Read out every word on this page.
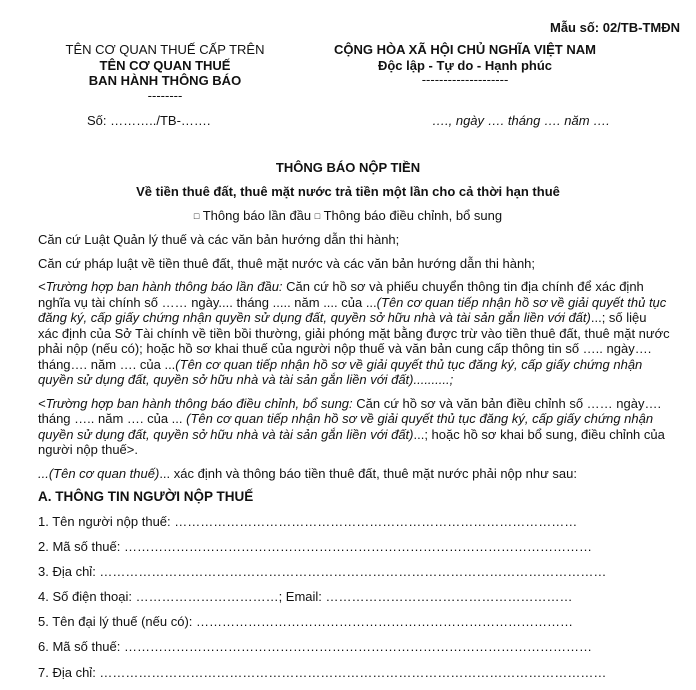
Mẫu số: 02/TB-TMĐN
TÊN CƠ QUAN THUẾ CẤP TRÊN
TÊN CƠ QUAN THUẾ
BAN HÀNH THÔNG BÁO
--------
CỘNG HÒA XÃ HỘI CHỦ NGHĨA VIỆT NAM
Độc lập - Tự do - Hạnh phúc
--------------------
Số: ………../TB-…….	…., ngày …. tháng …. năm ….
THÔNG BÁO NỘP TIỀN
Về tiền thuê đất, thuê mặt nước trả tiền một lần cho cả thời hạn thuê
□ Thông báo lần đầu □ Thông báo điều chỉnh, bổ sung

Căn cứ Luật Quản lý thuế và các văn bản hướng dẫn thi hành;

Căn cứ pháp luật về tiền thuê đất, thuê mặt nước và các văn bản hướng dẫn thi hành;

<Trường hợp ban hành thông báo lần đầu: Căn cứ hồ sơ và phiếu chuyển thông tin địa chính để xác định nghĩa vụ tài chính số …… ngày.... tháng ..... năm .... của ...(Tên cơ quan tiếp nhận hồ sơ về giải quyết thủ tục đăng ký, cấp giấy chứng nhận quyền sử dụng đất, quyền sở hữu nhà và tài sản gắn liền với đất)...; số liệu xác định của Sở Tài chính về tiền bồi thường, giải phóng mặt bằng được trừ vào tiền thuê đất, thuê mặt nước phải nộp (nếu có); hoặc hồ sơ khai thuế của người nộp thuế và văn bản cung cấp thông tin số ….. ngày…. tháng…. năm …. của ...(Tên cơ quan tiếp nhận hồ sơ về giải quyết thủ tục đăng ký, cấp giấy chứng nhận quyền sử dụng đất, quyền sở hữu nhà và tài sản gắn liền với đất)..........;

<Trường hợp ban hành thông báo điều chỉnh, bổ sung: Căn cứ hồ sơ và văn bản điều chỉnh số …… ngày…. tháng ….. năm …. của ... (Tên cơ quan tiếp nhận hồ sơ về giải quyết thủ tục đăng ký, cấp giấy chứng nhận quyền sử dụng đất, quyền sở hữu nhà và tài sản gắn liền với đất)...; hoặc hồ sơ khai bổ sung, điều chỉnh của người nộp thuế>.

...(Tên cơ quan thuế)... xác định và thông báo tiền thuê đất, thuê mặt nước phải nộp như sau:

A. THÔNG TIN NGƯỜI NỘP THUẾ
1. Tên người nộp thuế: …………………………………………………………………………………
2. Mã số thuế: ………………………………………………………………………………………………
3. Địa chỉ: ………………………………………………………………………………………………………
4. Số điện thoại: ……………………………; Email: …………………………………………………
5. Tên đại lý thuế (nếu có): ……………………………………………………………………………
6. Mã số thuế: ………………………………………………………………………………………………
7. Địa chỉ: ………………………………………………………………………………………………………
